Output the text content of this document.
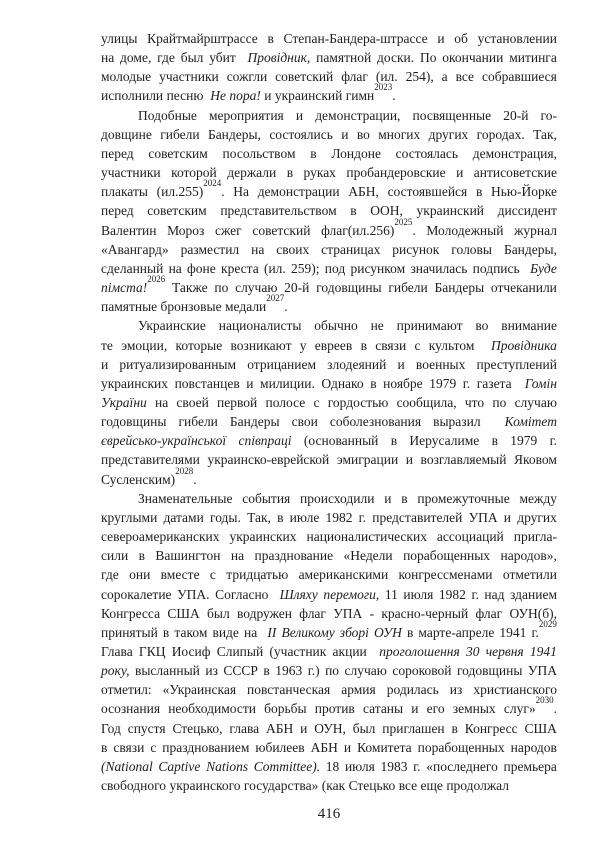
улицы Крайтмайрштрассе в Степан-Бандера-штрассе и об установлении
на доме, где был убит Провідник, памятной доски. По окончании митинга
молодые участники сожгли советский флаг (ил. 254), а все собравшиеся
исполнили песню Не пора! и украинский гимн$^{2023}$.
Подобные мероприятия и демонстрации, посвященные 20-й го-
довщине гибели Бандеры, состоялись и во многих других городах. Так,
перед советским посольством в Лондоне состоялась демонстрация,
участники которой держали в руках пробандеровские и антисоветские
плакаты $(ил.255)^{2024}$. На демонстрации АБН, состоявшейся в Нью-Йорке
перед советским представительством в ООН, украинский диссидент
Валентин Мороз сжег советский $флаг(ил.256)^{2025}$. Молодежный журнал
«Авангард» разместил на своих страницах рисунок головы Бандеры,
сделанный на фоне креста (ил. 259); под рисунком значилась подпись Буде
пімста!$^{2026}$
Также по случаю 20-й годовщины гибели Бандеры отчеканили
памятные бронзовые медали$^{2027}$.
Украинские националисты обычно не принимают во внимание
те эмоции, которые возникают у евреев в связи с культом Провідника
и ритуализированным отрицанием злодеяний и военных преступлений
украинских повстанцев и милиции. Однако в ноябре 1979 г. газета Гомін
України на своей первой полосе с гордостью сообщила, что по случаю
годовщины гибели Бандеры свои соболезнования выразил Комітет
єврейсько-української співпраці (основанный в Иерусалиме в 1979 г.
представителями украинско-еврейской эмиграции и возглавляемый Яковом
Сусленским)$^{2028}$.
Знаменательные события происходили и в промежуточные между
круглыми датами годы. Так, в июле 1982 г. представителей УПА и других
североамериканских украинских националистических ассоциаций пригла-
сили в Вашингтон на празднование «Недели порабощенных народов»,
где они вместе с тридцатью американскими конгрессменами отметили
сорокалетие УПА. Согласно Шляху перемоги, 11 июля 1982 г. над зданием
Конгресса США был водружен флаг УПА - красно-черный флаг ОУН(б),
принятый в таком виде на II Великому зборі ОУН в марте-апреле 1941 г.$^{2029}$
Глава ГКЦ Иосиф Слипый (участник акции проголошення 30 червня 1941
року, высланный из СССР в 1963 г.) по случаю сороковой годовщины УПА
отметил: «Украинская повстанческая армия родилась из христианского
осознания необходимости борьбы против сатаны и его земных слуг»$^{2030}$.
Год спустя Стецько, глава АБН и ОУН, был приглашен в Конгресс США
в связи с празднованием юбилеев АБН и Комитета порабощенных народов
(National Captive Nations Committee). 18 июля 1983 г. «последнего премьера
свободного украинского государства» (как Стецько все еще продолжал
416
